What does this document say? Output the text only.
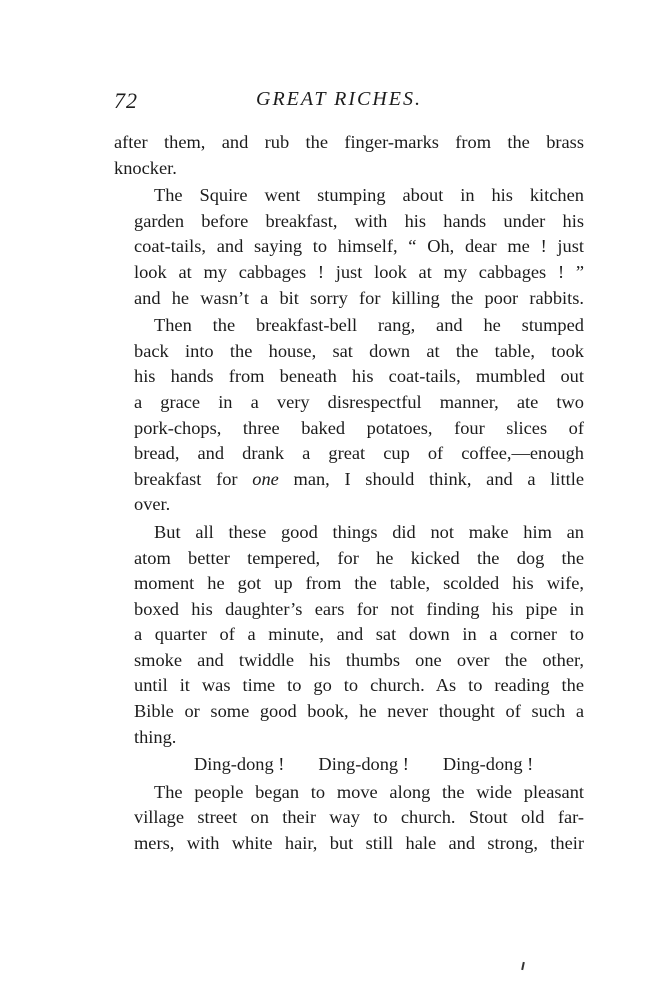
72	GREAT RICHES.

after them, and rub the finger-marks from the brass
knocker.

The Squire went stumping about in his kitchen
garden before breakfast, with his hands under his
coat-tails, and saying to himself, “ Oh, dear me ! just
look at my cabbages ! just look at my cabbages ! ”
and he wasn’t a bit sorry for killing the poor rabbits.

Then the breakfast-bell rang, and he stumped
back into the house, sat down at the table, took
his hands from beneath his coat-tails, mumbled out
a grace in a very disrespectful manner, ate two
pork-chops, three baked potatoes, four slices of
bread, and drank a great cup of coffee,—enough
breakfast for one man, I should think, and a little
over.

But all these good things did not make him an
atom better tempered, for he kicked the dog the
moment he got up from the table, scolded his wife,
boxed his daughter’s ears for not finding his pipe in
a quarter of a minute, and sat down in a corner to
smoke and twiddle his thumbs one over the other,
until it was time to go to church. As to reading the
Bible or some good book, he never thought of such a
thing.

Ding-dong ! Ding-dong ! Ding-dong !

The people began to move along the wide pleasant
village street on their way to church. Stout old far-
mers, with white hair, but still hale and strong, their
